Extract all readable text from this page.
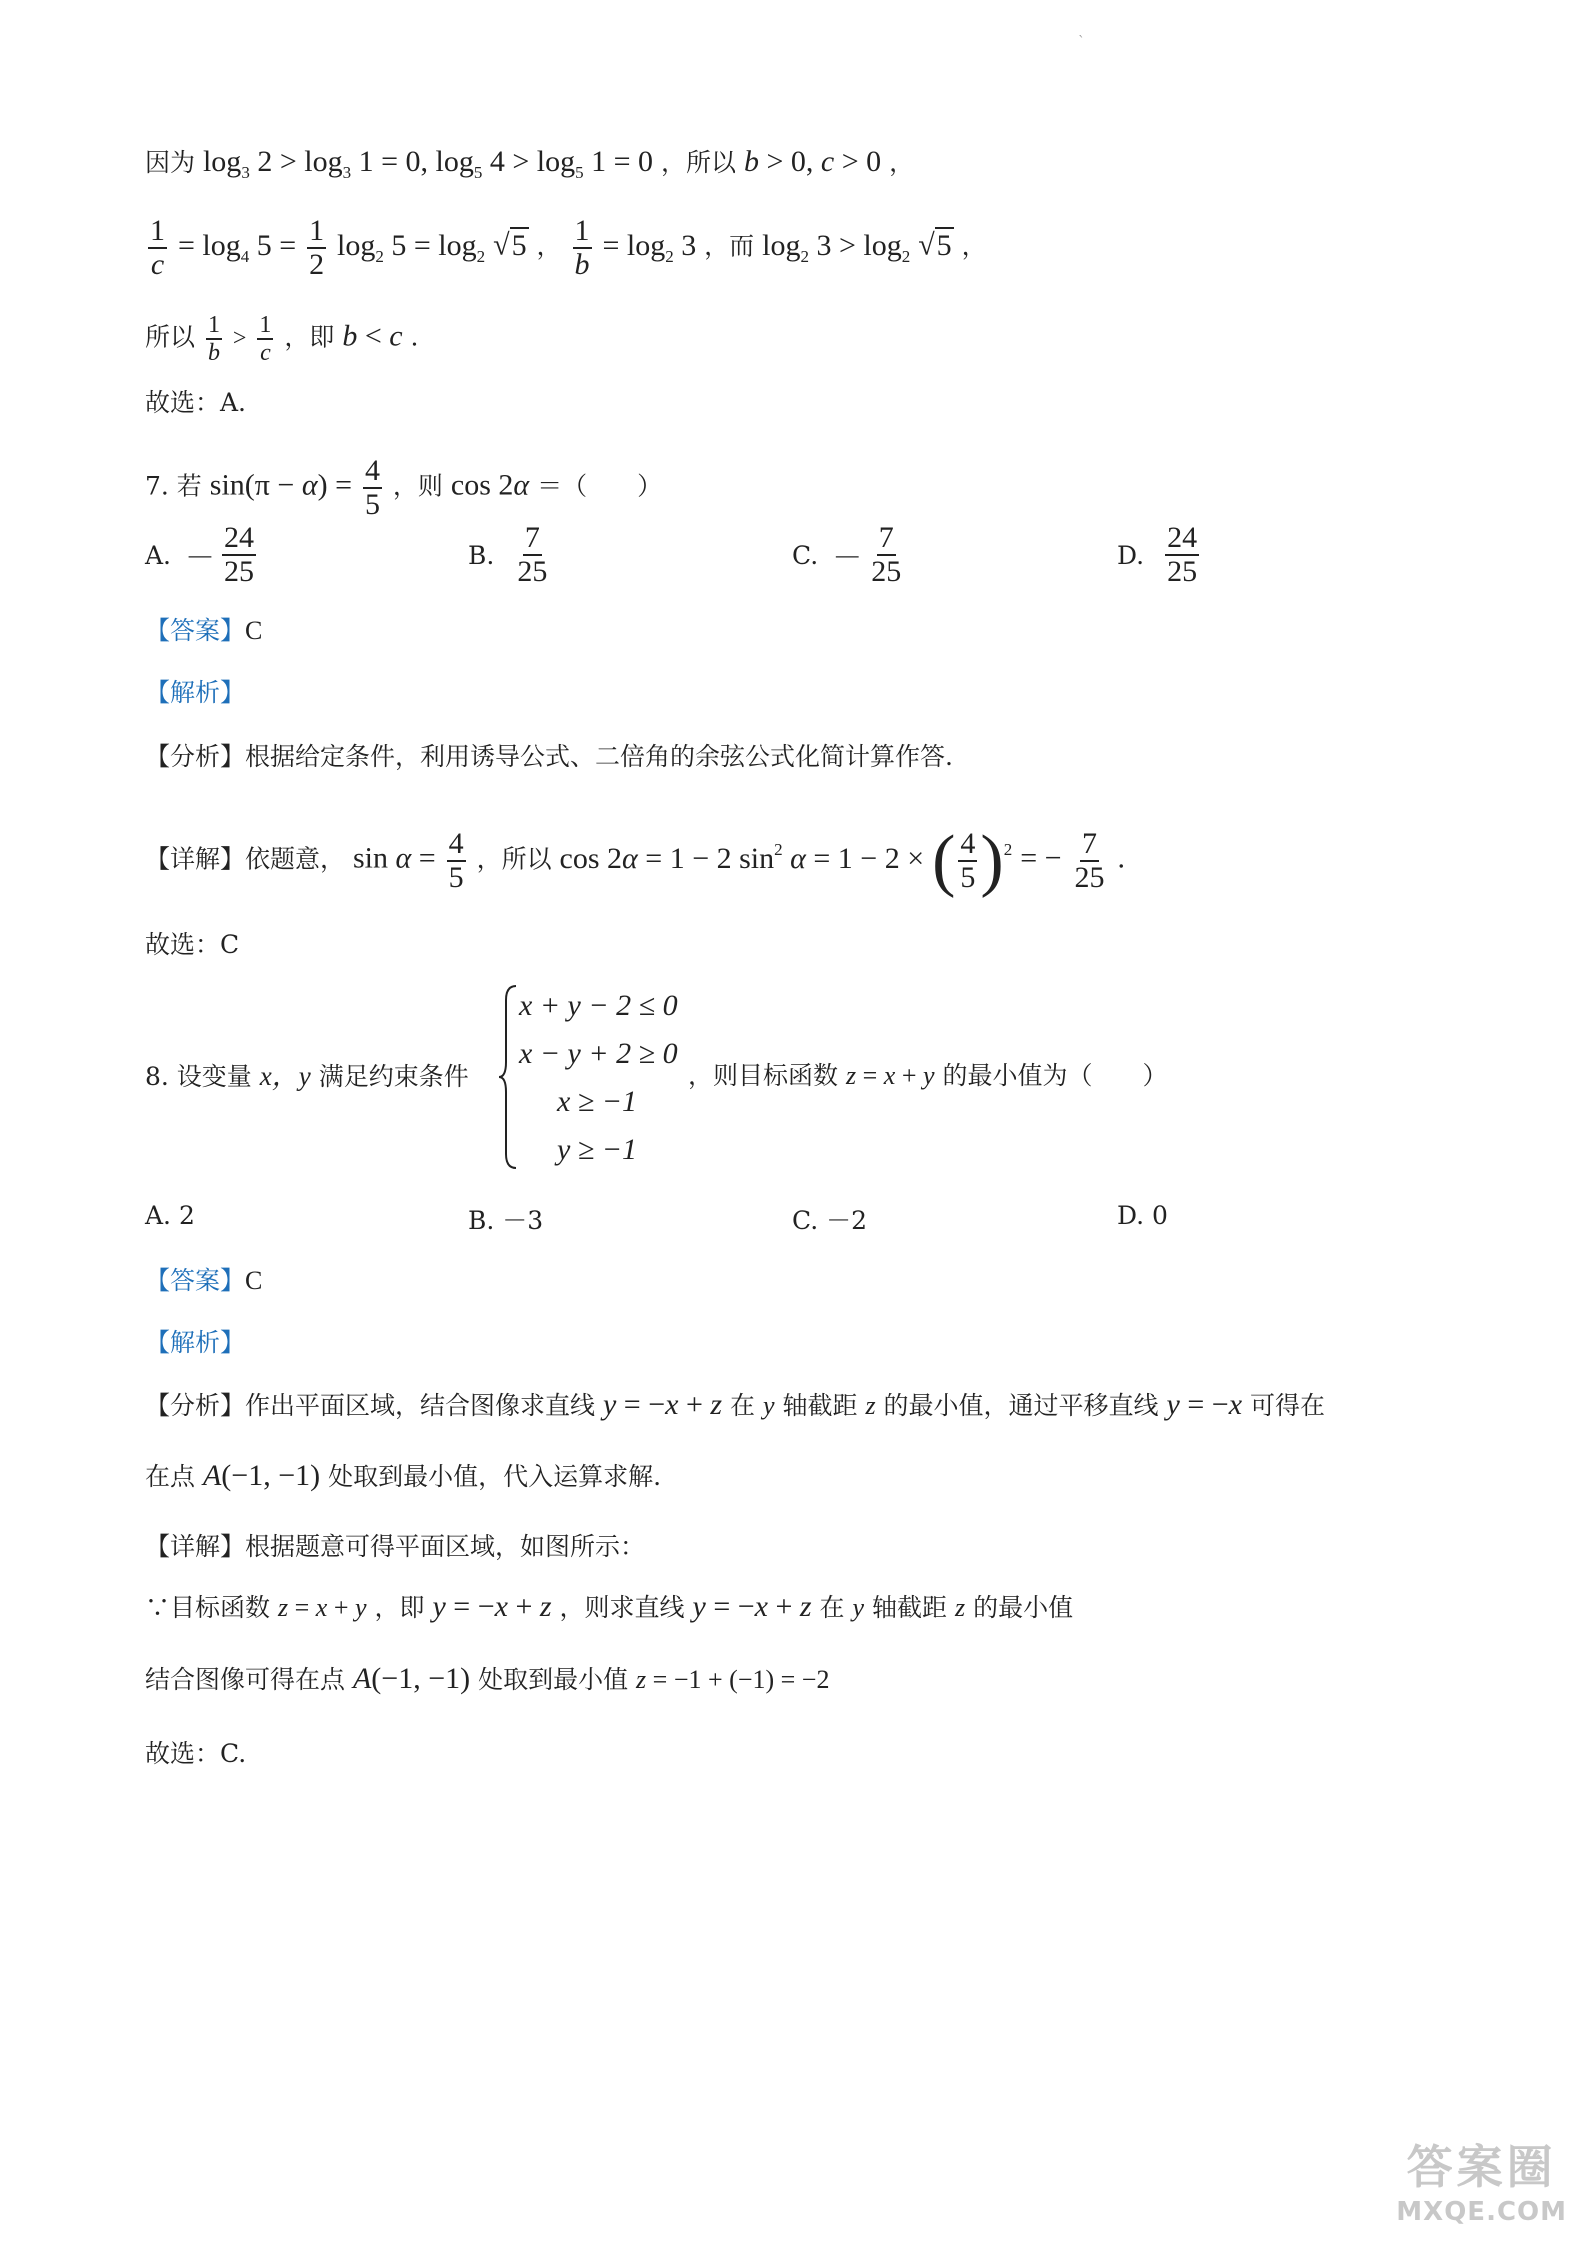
`
因为 $\log_3 2 > \log_3 1 = 0$, $\log_5 4 > \log_5 1 = 0$ ，所以 b > 0, c > 0 ，
$\frac{1}{c} = \log_4 5 = \frac{1}{2} \log_2 5 = \log_2 √5$ ， $\frac{1}{b} = \log_2 3$ ，而 $\log_2 3 > \log_2 √5$ ，
所以 $\frac{1}{b} > \frac{1}{c}$ ，即 b < c .
故选：A.
7. 若 $\sin(\pi - \alpha) = \frac{4}{5}$ ，则 cos 2α ＝（　　）
A. － $\frac{24}{25}$	B. $\frac{7}{25}$	C. － $\frac{7}{25}$	D. $\frac{24}{25}$
【答案】C
【解析】
【分析】根据给定条件，利用诱导公式、二倍角的余弦公式化简计算作答.
【详解】依题意， $\sin \alpha = \frac{4}{5}$ ，所以 cos 2α = 1 − 2 $\sin^2 \alpha = 1 - 2$ × ( $\frac{4}{5} )^2$ = − $\frac{7}{25}$ .
故选：C
8. 设变量 x，y 满足约束条件
x + y − 2 ≤ 0
x − y + 2 ≥ 0
x ≥ −1
y ≥ −1
，则目标函数 z = x + y 的最小值为（　　）
A. 2	B. －3	C. －2	D. 0
【答案】C
【解析】
【分析】作出平面区域，结合图像求直线 y = −x + z 在 y 轴截距 z 的最小值，通过平移直线 y = −x 可得在
在点 A(−1, −1) 处取到最小值，代入运算求解.
【详解】根据题意可得平面区域，如图所示：
∵目标函数 z = x + y ，即 y = −x + z ，则求直线 y = −x + z 在 y 轴截距 z 的最小值
结合图像可得在点 A(−1, −1) 处取到最小值 z = −1 + (−1) = −2
故选：C.
答案圈
MXQE.COM
